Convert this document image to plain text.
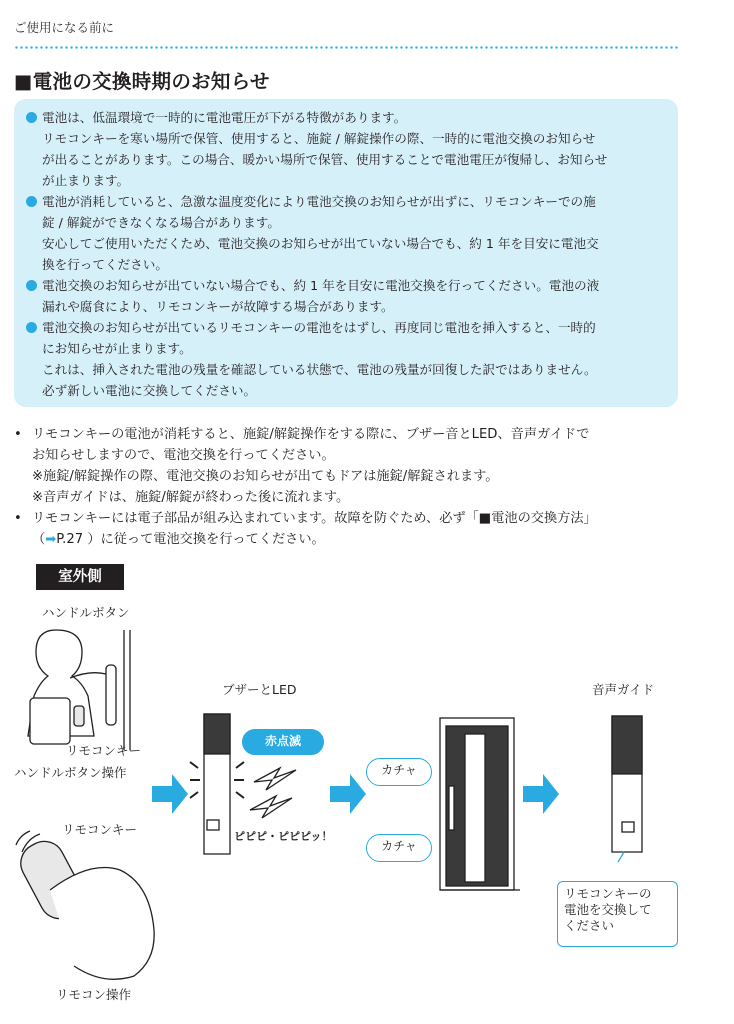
ご使用になる前に
■電池の交換時期のお知らせ
電池は、低温環境で一時的に電池電圧が下がる特徴があります。
リモコンキーを寒い場所で保管、使用すると、施錠 / 解錠操作の際、一時的に電池交換のお知らせ
が出ることがあります。この場合、暖かい場所で保管、使用することで電池電圧が復帰し、お知らせ
が止まります。
電池が消耗していると、急激な温度変化により電池交換のお知らせが出ずに、リモコンキーでの施
錠 / 解錠ができなくなる場合があります。
安心してご使用いただくため、電池交換のお知らせが出ていない場合でも、約 1 年を目安に電池交
換を行ってください。
電池交換のお知らせが出ていない場合でも、約 1 年を目安に電池交換を行ってください。電池の液
漏れや腐食により、リモコンキーが故障する場合があります。
電池交換のお知らせが出ているリモコンキーの電池をはずし、再度同じ電池を挿入すると、一時的
にお知らせが止まります。
これは、挿入された電池の残量を確認している状態で、電池の残量が回復した訳ではありません。
必ず新しい電池に交換してください。
• リモコンキーの電池が消耗すると、施錠/解錠操作をする際に、ブザー音とLED、音声ガイドで
お知らせしますので、電池交換を行ってください。
※施錠/解錠操作の際、電池交換のお知らせが出てもドアは施錠/解錠されます。
※音声ガイドは、施錠/解錠が終わった後に流れます。
• リモコンキーには電子部品が組み込まれています。故障を防ぐため、必ず「■電池の交換方法」
（➡P.27 ）に従って電池交換を行ってください。
室外側
ハンドルボタン
リモコンキー
ハンドルボタン操作
リモコンキー
リモコン操作
ブザーとLED	音声ガイド
赤点滅
ピピピ・ピピピッ！
カチャ
カチャ
リモコンキーの
電池を交換して
ください
